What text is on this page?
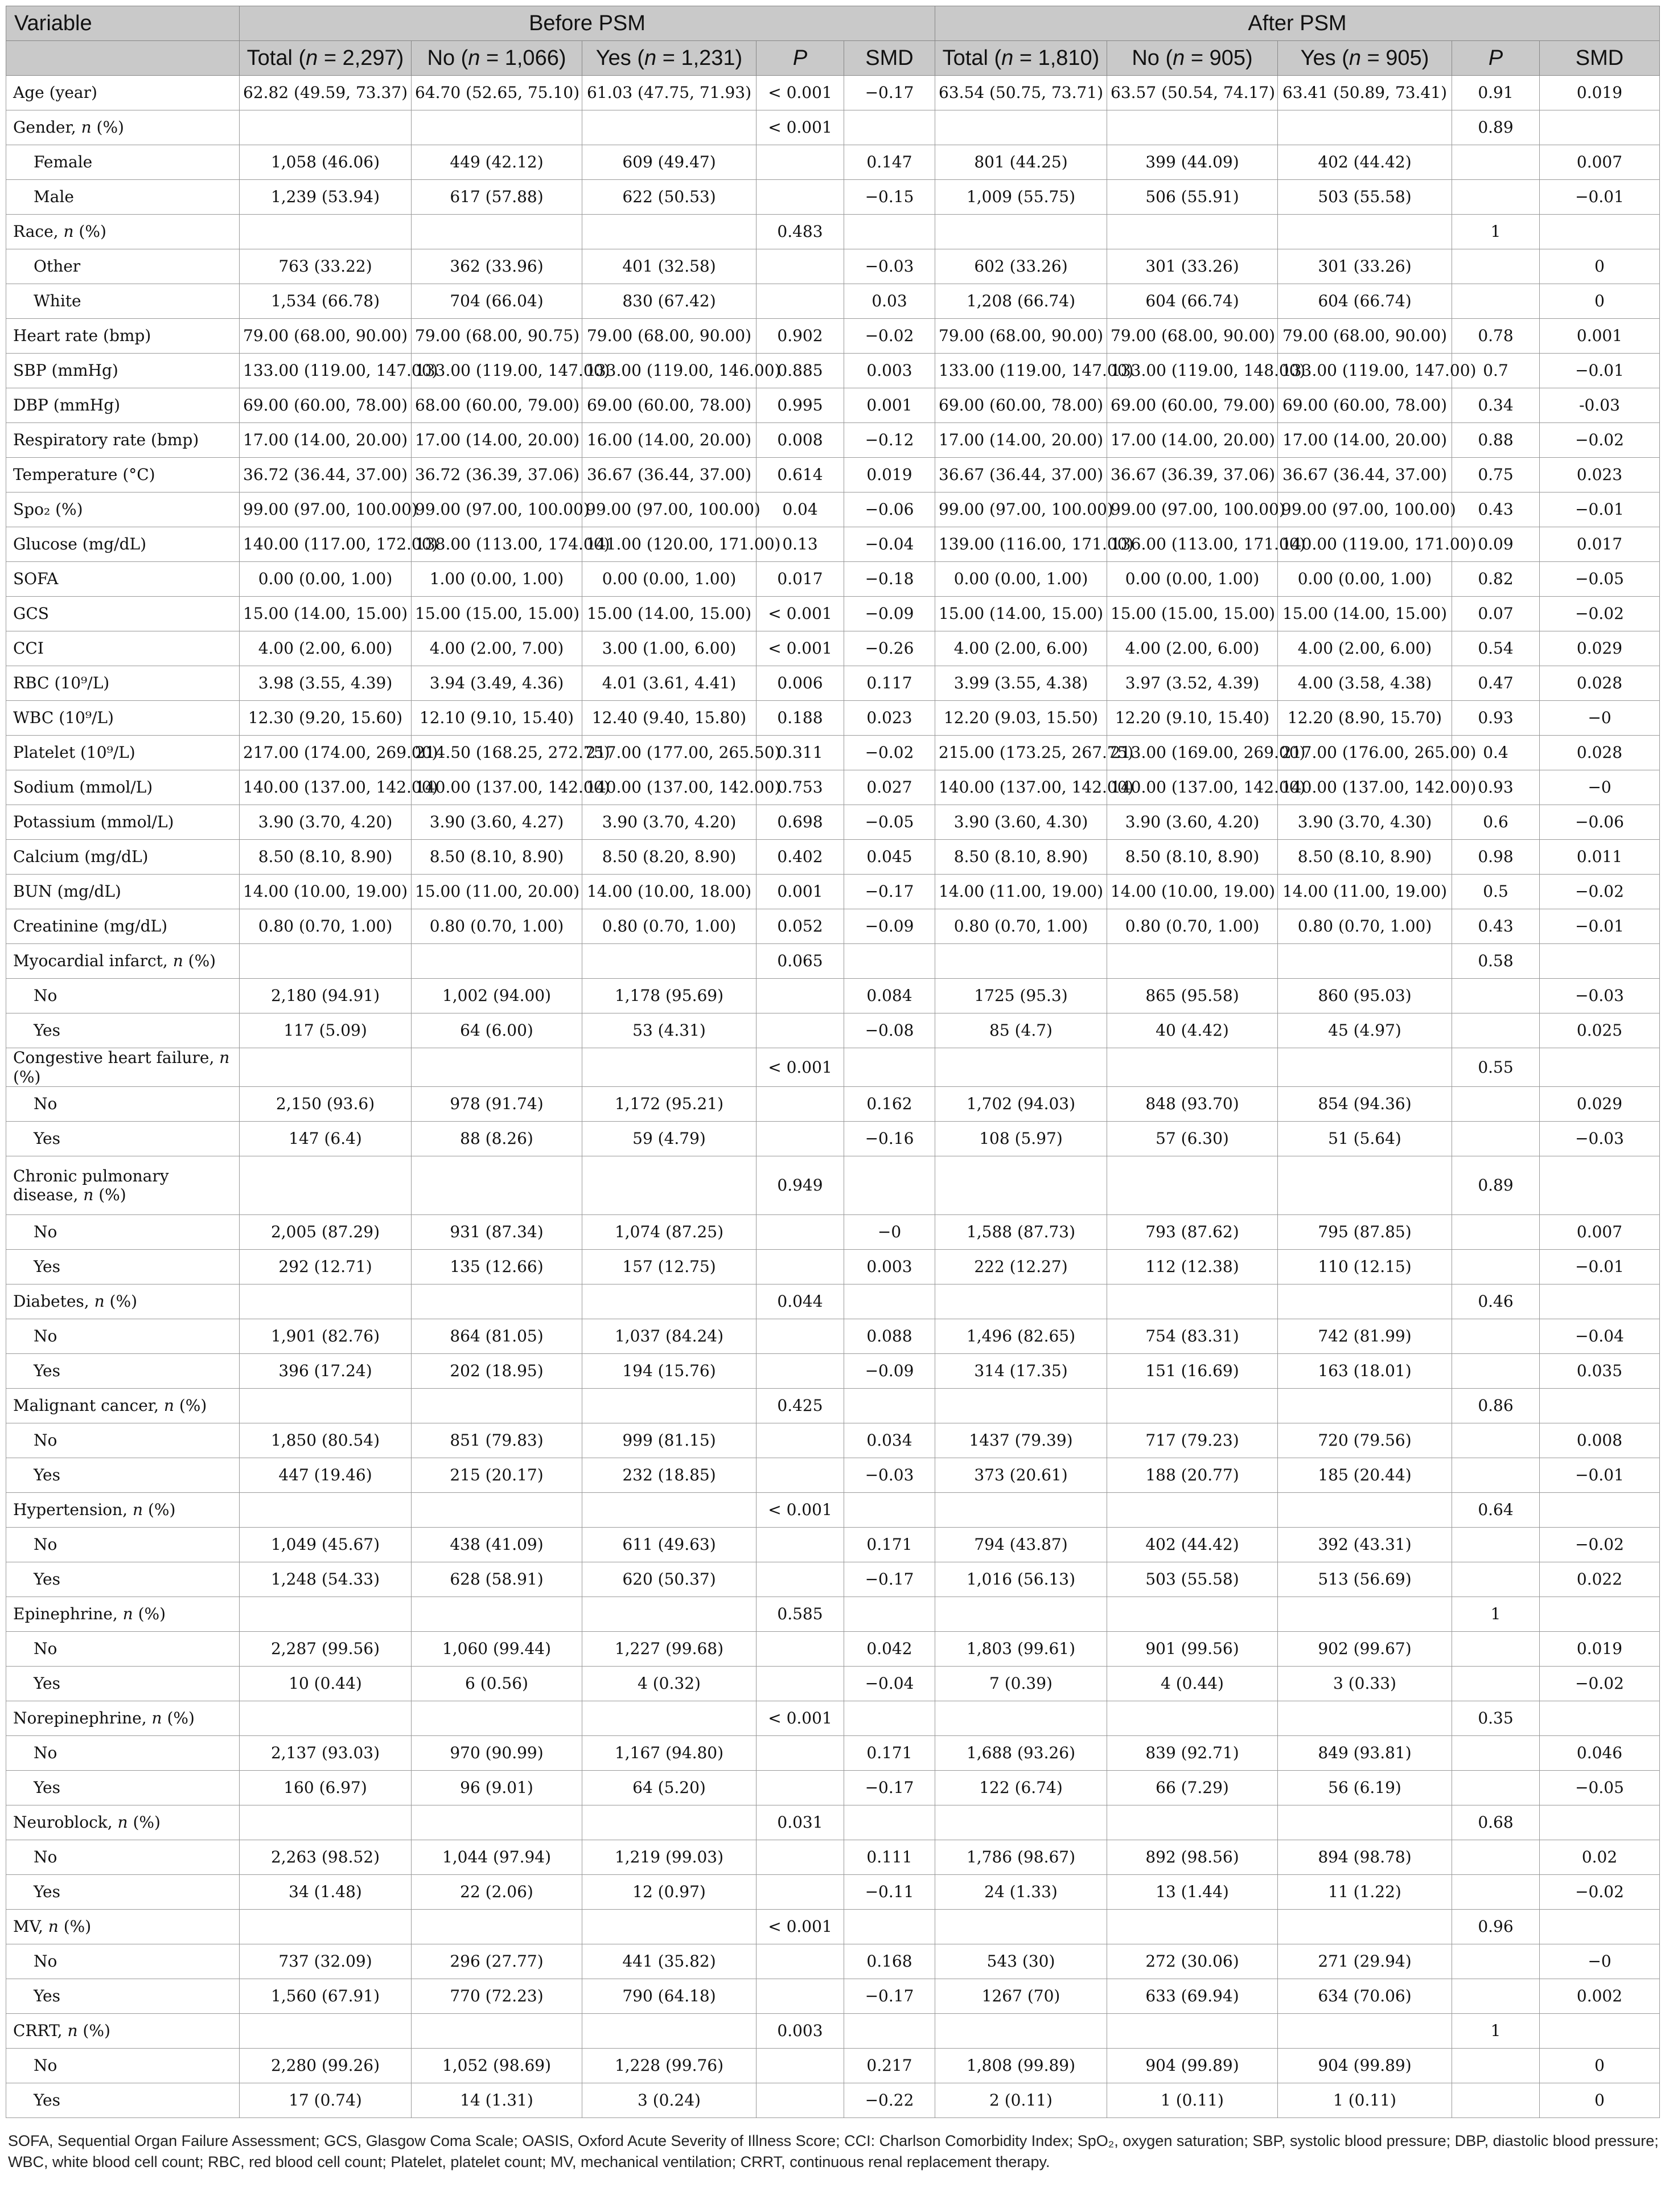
Variable	Before PSM					After PSM				
	Total (n = 2,297)	No (n = 1,066)	Yes (n = 1,231)	P	SMD	Total (n = 1,810)	No (n = 905)	Yes (n = 905)	P	SMD
Age (year)	62.82 (49.59, 73.37)	64.70 (52.65, 75.10)	61.03 (47.75, 71.93)	< 0.001	−0.17	63.54 (50.75, 73.71)	63.57 (50.54, 74.17)	63.41 (50.89, 73.41)	0.91	0.019
Gender, n (%)				< 0.001					0.89	
Female	1,058 (46.06)	449 (42.12)	609 (49.47)		0.147	801 (44.25)	399 (44.09)	402 (44.42)		0.007
Male	1,239 (53.94)	617 (57.88)	622 (50.53)		−0.15	1,009 (55.75)	506 (55.91)	503 (55.58)		−0.01
Race, n (%)				0.483					1	
Other	763 (33.22)	362 (33.96)	401 (32.58)		−0.03	602 (33.26)	301 (33.26)	301 (33.26)		0
White	1,534 (66.78)	704 (66.04)	830 (67.42)		0.03	1,208 (66.74)	604 (66.74)	604 (66.74)		0
Heart rate (bmp)	79.00 (68.00, 90.00)	79.00 (68.00, 90.75)	79.00 (68.00, 90.00)	0.902	−0.02	79.00 (68.00, 90.00)	79.00 (68.00, 90.00)	79.00 (68.00, 90.00)	0.78	0.001
SBP (mmHg)	133.00 (119.00, 147.00)	133.00 (119.00, 147.00)	133.00 (119.00, 146.00)	0.885	0.003	133.00 (119.00, 147.00)	133.00 (119.00, 148.00)	133.00 (119.00, 147.00)	0.7	−0.01
DBP (mmHg)	69.00 (60.00, 78.00)	68.00 (60.00, 79.00)	69.00 (60.00, 78.00)	0.995	0.001	69.00 (60.00, 78.00)	69.00 (60.00, 79.00)	69.00 (60.00, 78.00)	0.34	-0.03
Respiratory rate (bmp)	17.00 (14.00, 20.00)	17.00 (14.00, 20.00)	16.00 (14.00, 20.00)	0.008	−0.12	17.00 (14.00, 20.00)	17.00 (14.00, 20.00)	17.00 (14.00, 20.00)	0.88	−0.02
Temperature (°C)	36.72 (36.44, 37.00)	36.72 (36.39, 37.06)	36.67 (36.44, 37.00)	0.614	0.019	36.67 (36.44, 37.00)	36.67 (36.39, 37.06)	36.67 (36.44, 37.00)	0.75	0.023
Spo₂ (%)	99.00 (97.00, 100.00)	99.00 (97.00, 100.00)	99.00 (97.00, 100.00)	0.04	−0.06	99.00 (97.00, 100.00)	99.00 (97.00, 100.00)	99.00 (97.00, 100.00)	0.43	−0.01
Glucose (mg/dL)	140.00 (117.00, 172.00)	138.00 (113.00, 174.00)	141.00 (120.00, 171.00)	0.13	−0.04	139.00 (116.00, 171.00)	136.00 (113.00, 171.00)	140.00 (119.00, 171.00)	0.09	0.017
SOFA	0.00 (0.00, 1.00)	1.00 (0.00, 1.00)	0.00 (0.00, 1.00)	0.017	−0.18	0.00 (0.00, 1.00)	0.00 (0.00, 1.00)	0.00 (0.00, 1.00)	0.82	−0.05
GCS	15.00 (14.00, 15.00)	15.00 (15.00, 15.00)	15.00 (14.00, 15.00)	< 0.001	−0.09	15.00 (14.00, 15.00)	15.00 (15.00, 15.00)	15.00 (14.00, 15.00)	0.07	−0.02
CCI	4.00 (2.00, 6.00)	4.00 (2.00, 7.00)	3.00 (1.00, 6.00)	< 0.001	−0.26	4.00 (2.00, 6.00)	4.00 (2.00, 6.00)	4.00 (2.00, 6.00)	0.54	0.029
RBC (10⁹/L)	3.98 (3.55, 4.39)	3.94 (3.49, 4.36)	4.01 (3.61, 4.41)	0.006	0.117	3.99 (3.55, 4.38)	3.97 (3.52, 4.39)	4.00 (3.58, 4.38)	0.47	0.028
WBC (10⁹/L)	12.30 (9.20, 15.60)	12.10 (9.10, 15.40)	12.40 (9.40, 15.80)	0.188	0.023	12.20 (9.03, 15.50)	12.20 (9.10, 15.40)	12.20 (8.90, 15.70)	0.93	−0
Platelet (10⁹/L)	217.00 (174.00, 269.00)	214.50 (168.25, 272.75)	217.00 (177.00, 265.50)	0.311	−0.02	215.00 (173.25, 267.75)	213.00 (169.00, 269.00)	217.00 (176.00, 265.00)	0.4	0.028
Sodium (mmol/L)	140.00 (137.00, 142.00)	140.00 (137.00, 142.00)	140.00 (137.00, 142.00)	0.753	0.027	140.00 (137.00, 142.00)	140.00 (137.00, 142.00)	140.00 (137.00, 142.00)	0.93	−0
Potassium (mmol/L)	3.90 (3.70, 4.20)	3.90 (3.60, 4.27)	3.90 (3.70, 4.20)	0.698	−0.05	3.90 (3.60, 4.30)	3.90 (3.60, 4.20)	3.90 (3.70, 4.30)	0.6	−0.06
Calcium (mg/dL)	8.50 (8.10, 8.90)	8.50 (8.10, 8.90)	8.50 (8.20, 8.90)	0.402	0.045	8.50 (8.10, 8.90)	8.50 (8.10, 8.90)	8.50 (8.10, 8.90)	0.98	0.011
BUN (mg/dL)	14.00 (10.00, 19.00)	15.00 (11.00, 20.00)	14.00 (10.00, 18.00)	0.001	−0.17	14.00 (11.00, 19.00)	14.00 (10.00, 19.00)	14.00 (11.00, 19.00)	0.5	−0.02
Creatinine (mg/dL)	0.80 (0.70, 1.00)	0.80 (0.70, 1.00)	0.80 (0.70, 1.00)	0.052	−0.09	0.80 (0.70, 1.00)	0.80 (0.70, 1.00)	0.80 (0.70, 1.00)	0.43	−0.01
Myocardial infarct, n (%)				0.065					0.58	
No	2,180 (94.91)	1,002 (94.00)	1,178 (95.69)		0.084	1725 (95.3)	865 (95.58)	860 (95.03)		−0.03
Yes	117 (5.09)	64 (6.00)	53 (4.31)		−0.08	85 (4.7)	40 (4.42)	45 (4.97)		0.025
Congestive heart failure, n (%)				< 0.001					0.55	
No	2,150 (93.6)	978 (91.74)	1,172 (95.21)		0.162	1,702 (94.03)	848 (93.70)	854 (94.36)		0.029
Yes	147 (6.4)	88 (8.26)	59 (4.79)		−0.16	108 (5.97)	57 (6.30)	51 (5.64)		−0.03
Chronic pulmonary disease, n (%)				0.949					0.89	
No	2,005 (87.29)	931 (87.34)	1,074 (87.25)		−0	1,588 (87.73)	793 (87.62)	795 (87.85)		0.007
Yes	292 (12.71)	135 (12.66)	157 (12.75)		0.003	222 (12.27)	112 (12.38)	110 (12.15)		−0.01
Diabetes, n (%)				0.044					0.46	
No	1,901 (82.76)	864 (81.05)	1,037 (84.24)		0.088	1,496 (82.65)	754 (83.31)	742 (81.99)		−0.04
Yes	396 (17.24)	202 (18.95)	194 (15.76)		−0.09	314 (17.35)	151 (16.69)	163 (18.01)		0.035
Malignant cancer, n (%)				0.425					0.86	
No	1,850 (80.54)	851 (79.83)	999 (81.15)		0.034	1437 (79.39)	717 (79.23)	720 (79.56)		0.008
Yes	447 (19.46)	215 (20.17)	232 (18.85)		−0.03	373 (20.61)	188 (20.77)	185 (20.44)		−0.01
Hypertension, n (%)				< 0.001					0.64	
No	1,049 (45.67)	438 (41.09)	611 (49.63)		0.171	794 (43.87)	402 (44.42)	392 (43.31)		−0.02
Yes	1,248 (54.33)	628 (58.91)	620 (50.37)		−0.17	1,016 (56.13)	503 (55.58)	513 (56.69)		0.022
Epinephrine, n (%)				0.585					1	
No	2,287 (99.56)	1,060 (99.44)	1,227 (99.68)		0.042	1,803 (99.61)	901 (99.56)	902 (99.67)		0.019
Yes	10 (0.44)	6 (0.56)	4 (0.32)		−0.04	7 (0.39)	4 (0.44)	3 (0.33)		−0.02
Norepinephrine, n (%)				< 0.001					0.35	
No	2,137 (93.03)	970 (90.99)	1,167 (94.80)		0.171	1,688 (93.26)	839 (92.71)	849 (93.81)		0.046
Yes	160 (6.97)	96 (9.01)	64 (5.20)		−0.17	122 (6.74)	66 (7.29)	56 (6.19)		−0.05
Neuroblock, n (%)				0.031					0.68	
No	2,263 (98.52)	1,044 (97.94)	1,219 (99.03)		0.111	1,786 (98.67)	892 (98.56)	894 (98.78)		0.02
Yes	34 (1.48)	22 (2.06)	12 (0.97)		−0.11	24 (1.33)	13 (1.44)	11 (1.22)		−0.02
MV, n (%)				< 0.001					0.96	
No	737 (32.09)	296 (27.77)	441 (35.82)		0.168	543 (30)	272 (30.06)	271 (29.94)		−0
Yes	1,560 (67.91)	770 (72.23)	790 (64.18)		−0.17	1267 (70)	633 (69.94)	634 (70.06)		0.002
CRRT, n (%)				0.003					1	
No	2,280 (99.26)	1,052 (98.69)	1,228 (99.76)		0.217	1,808 (99.89)	904 (99.89)	904 (99.89)		0
Yes	17 (0.74)	14 (1.31)	3 (0.24)		−0.22	2 (0.11)	1 (0.11)	1 (0.11)		0
SOFA, Sequential Organ Failure Assessment; GCS, Glasgow Coma Scale; OASIS, Oxford Acute Severity of Illness Score; CCI: Charlson Comorbidity Index; SpO₂, oxygen saturation; SBP, systolic blood pressure; DBP, diastolic blood pressure; WBC, white blood cell count; RBC, red blood cell count; Platelet, platelet count; MV, mechanical ventilation; CRRT, continuous renal replacement therapy.
